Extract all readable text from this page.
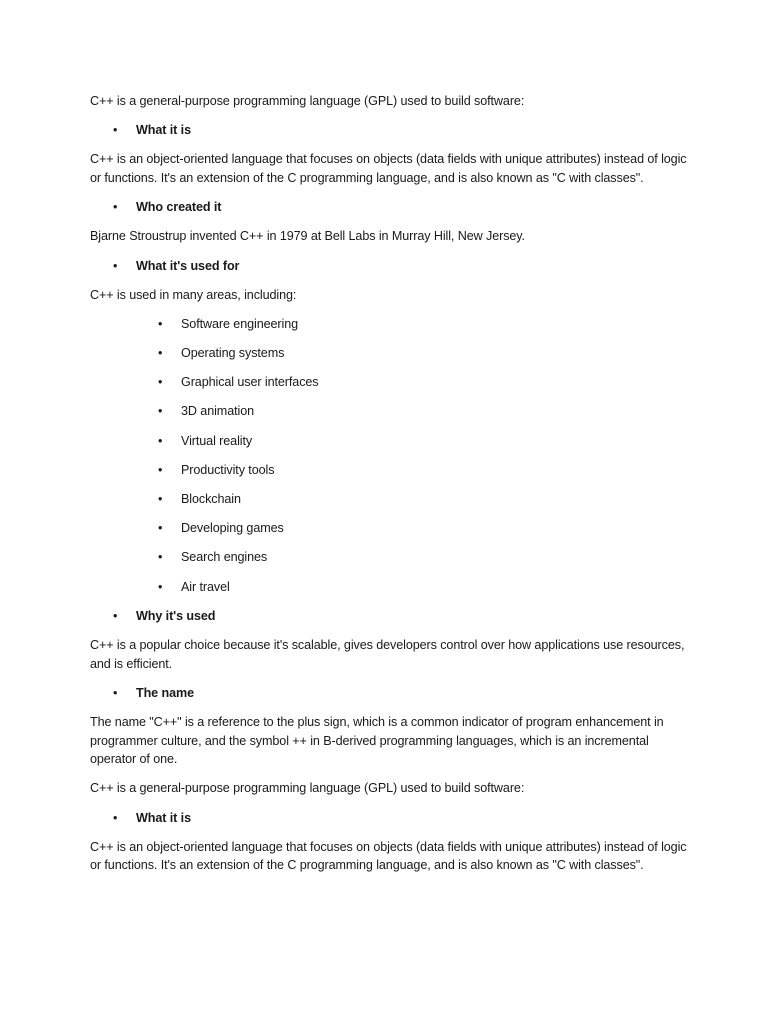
C++ is a general-purpose programming language (GPL) used to build software:

• What it is

C++ is an object-oriented language that focuses on objects (data fields with unique attributes) instead of logic or functions. It's an extension of the C programming language, and is also known as "C with classes".

• Who created it

Bjarne Stroustrup invented C++ in 1979 at Bell Labs in Murray Hill, New Jersey.

• What it's used for

C++ is used in many areas, including:

• Software engineering
• Operating systems
• Graphical user interfaces
• 3D animation
• Virtual reality
• Productivity tools
• Blockchain
• Developing games
• Search engines
• Air travel
• Why it's used

C++ is a popular choice because it's scalable, gives developers control over how applications use resources, and is efficient.

• The name

The name "C++" is a reference to the plus sign, which is a common indicator of program enhancement in programmer culture, and the symbol ++ in B-derived programming languages, which is an incremental operator of one.

C++ is a general-purpose programming language (GPL) used to build software:

• What it is

C++ is an object-oriented language that focuses on objects (data fields with unique attributes) instead of logic or functions. It's an extension of the C programming language, and is also known as "C with classes".
